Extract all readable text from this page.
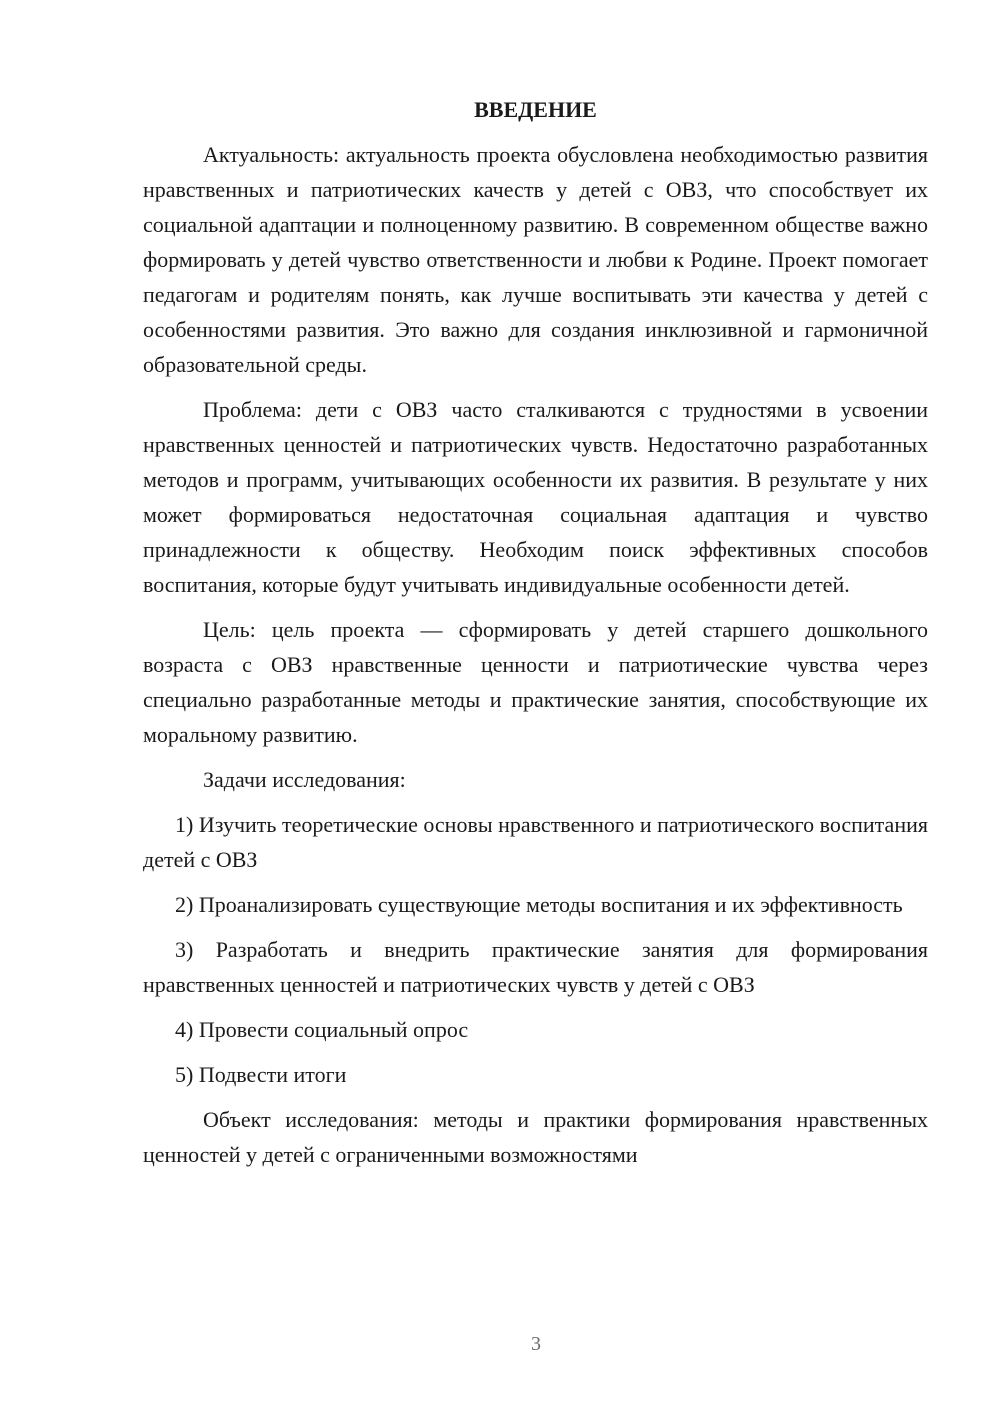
ВВЕДЕНИЕ

Актуальность: актуальность проекта обусловлена необходимостью развития нравственных и патриотических качеств у детей с ОВЗ, что способствует их социальной адаптации и полноценному развитию. В современном обществе важно формировать у детей чувство ответственности и любви к Родине. Проект помогает педагогам и родителям понять, как лучше воспитывать эти качества у детей с особенностями развития. Это важно для создания инклюзивной и гармоничной образовательной среды.

Проблема: дети с ОВЗ часто сталкиваются с трудностями в усвоении нравственных ценностей и патриотических чувств. Недостаточно разработанных методов и программ, учитывающих особенности их развития. В результате у них может формироваться недостаточная социальная адаптация и чувство принадлежности к обществу. Необходим поиск эффективных способов воспитания, которые будут учитывать индивидуальные особенности детей.

Цель: цель проекта — сформировать у детей старшего дошкольного возраста с ОВЗ нравственные ценности и патриотические чувства через специально разработанные методы и практические занятия, способствующие их моральному развитию.

Задачи исследования:

1) Изучить теоретические основы нравственного и патриотического воспитания детей с ОВЗ

2) Проанализировать существующие методы воспитания и их эффективность

3) Разработать и внедрить практические занятия для формирования нравственных ценностей и патриотических чувств у детей с ОВЗ

4) Провести социальный опрос

5) Подвести итоги

Объект исследования: методы и практики формирования нравственных ценностей у детей с ограниченными возможностями

3
